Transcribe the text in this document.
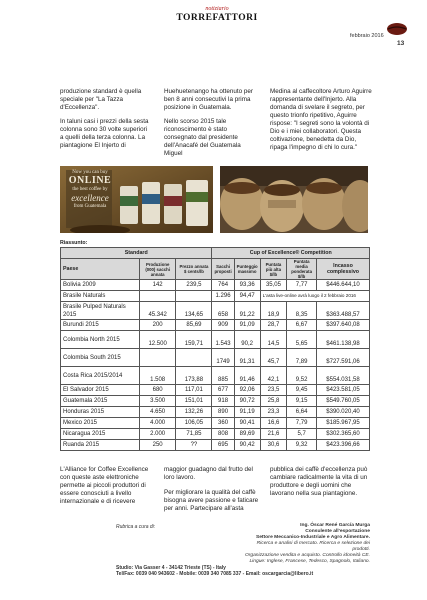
notiziario
TORREFATTORI
febbraio 2016
13

produzione standard è quella speciale per "La Tazza d'Eccellenza".

In taluni casi i prezzi della sesta colonna sono 30 volte superiori a quelli della terza colonna. La piantagione El Injerto di

Huehuetenango ha ottenuto per ben 8 anni consecutivi la prima posizione in Guatemala.

Nello scorso 2015 tale riconoscimento è stato consegnato dal presidente dell'Anacafé del Guatemala Miguel

Medina al caffecoltore Arturo Aguirre rappresentante dell'Injerto. Alla domanda di svelare il segreto, per questo trionfo ripetitivo, Aguirre rispose: "I segreti sono la volontà di Dio e i miei collaboratori. Questa coltivazione, benedetta da Dio, ripaga l'impegno di chi lo cura."

Now you can buy
ONLINE
the best coffee by
excellence
from Guatemala
Riassunto:
Standard			Cup of Excellence® Competition				
Paese	Produzione (000) sacchi annata	Prezzo annata $ cents/lb	Sacchi proposti	Punteggio massimo	Puntata più alta $/lb	Puntata media ponderata $/lb	Incasso complessivo
Bolivia 2009	142	239,5	764	93,36	35,05	7,77	$446.644,10
Brasile Naturals			1.296	94,47	L'asta live-online avrà luogo il 2 febbraio 2016		
Brasile Pulped Naturals 2015	45.342	134,65	658	91,22	18,9	8,35	$363.488,57
Burundi 2015	200	85,69	909	91,09	28,7	6,67	$397.640,08
Colombia North 2015	12.500	159,71	1.543	90,2	14,5	5,65	$461.138,98
Colombia South 2015			1749	91,31	45,7	7,89	$727.591,06
Costa Rica 2015/2014	1.508	173,88	885	91,46	42,1	9,52	$554.031,58
El Salvador 2015	680	117,01	677	92,06	23,5	9,45	$423.581,05
Guatemala 2015	3.500	151,01	918	90,72	25,8	9,15	$549.760,05
Honduras 2015	4.650	132,26	890	91,19	23,3	6,64	$390.020,40
Mexico 2015	4.000	106,05	360	90,41	16,6	7,79	$185.967,95
Nicaragua 2015	2.000	71,85	808	89,69	21,6	5,7	$302.365,60
Ruanda 2015	250	??	695	90,42	30,6	9,32	$423.396,66

L'Alliance for Coffee Excellence con queste aste elettroniche permette ai piccoli produttori di essere conosciuti a livello internazionale e di ricevere

maggior guadagno dal frutto del loro lavoro.

Per migliorare la qualità del caffè bisogna avere passione e faticare per anni. Partecipare all'asta

pubblica dei caffè d'eccellenza può cambiare radicalmente la vita di un produttore e degli uomini che lavorano nella sua piantagione.

Rubrica a cura di:	Ing. Óscar René García Murga
Consulente all'esportazione
Settore Meccanico-Industriale e Agro Alimentare.
Ricerca e analisi di mercato. Ricerca e selezione dei prodotti.
Organizzazione vendita e acquisto. Controllo idoneità CE.
Lingue: Inglese, Francese, Tedesco, Spagnolo, Italiano.
Studio: Via Gasser 4 - 34142 Trieste (TS) - Italy
Tel/Fax: 0039 040 943602 - Mobile: 0039 340 7085 337 - Email: oscargarcia@libero.it
